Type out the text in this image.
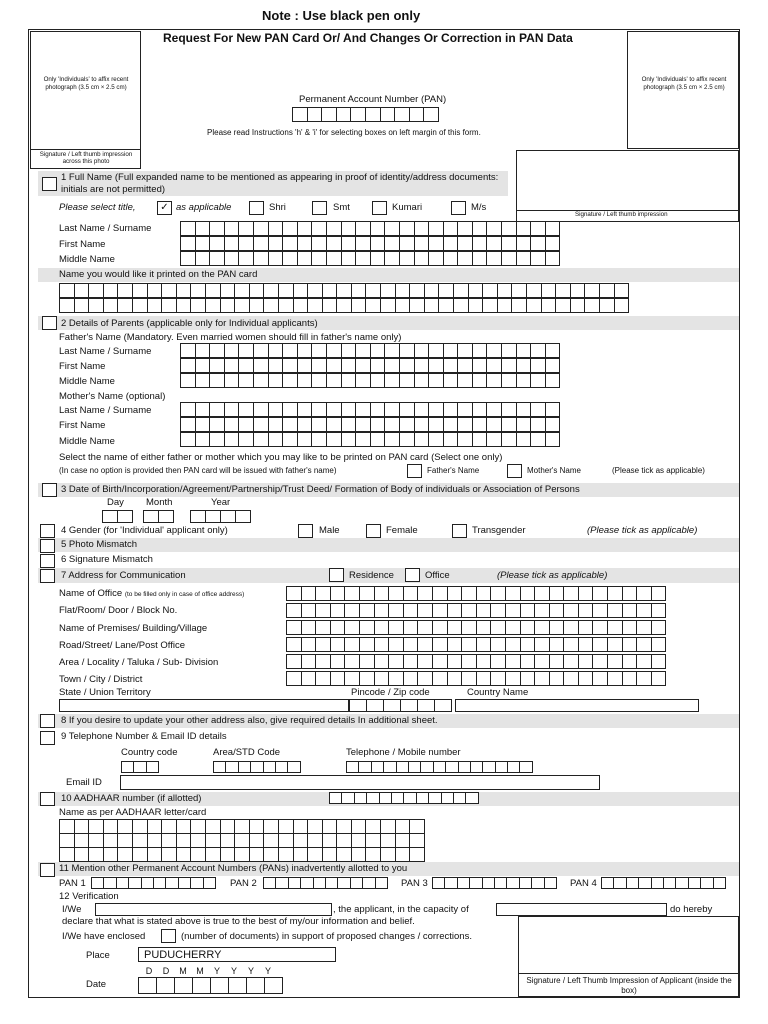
Note : Use black pen only
Only 'Individuals' to affix recent photograph (3.5 cm × 2.5 cm)
Signature / Left thumb impression across this photo
Only 'Individuals' to affix recent photograph (3.5 cm × 2.5 cm)
Signature / Left thumb impression
Request For New PAN Card Or/ And Changes Or Correction in PAN Data
Permanent Account Number (PAN)
Please read Instructions 'h' & 'i' for selecting boxes on left margin of this form.
1 Full Name (Full expanded name to be mentioned as appearing in proof of identity/address documents: initials are not permitted)
Please select title,	✓ as applicable	Shri	Smt	Kumari	M/s
Last Name / Surname
First Name
Middle Name
Name you would like it printed on the PAN card
2 Details of Parents (applicable only for Individual applicants)
Father's Name (Mandatory. Even married women should fill in father's name only)
Last Name / Surname
First Name
Middle Name
Mother's Name (optional)
Last Name / Surname
First Name
Middle Name
Select the name of either father or mother which you may like to be printed on PAN card (Select one only)
(In case no option is provided then PAN card will be issued with father's name)	Father's Name	Mother's Name	(Please tick as applicable)
3 Date of Birth/Incorporation/Agreement/Partnership/Trust Deed/ Formation of Body of individuals or Association of Persons
Day Month	Year
4 Gender (for 'Individual' applicant only)	Male	Female	Transgender	(Please tick as applicable)
5 Photo Mismatch
6 Signature Mismatch
7 Address for Communication	Residence	Office	(Please tick as applicable)
Name of Office (to be filled only in case of office address)
Flat/Room/ Door / Block No.
Name of Premises/ Building/Village
Road/Street/ Lane/Post Office
Area / Locality / Taluka / Sub- Division
Town / City / District
State / Union Territory	Pincode / Zip code	Country Name
8 If you desire to update your other address also, give required details In additional sheet.
9 Telephone Number & Email ID details
Country code	Area/STD Code	Telephone / Mobile number
Email ID
10 AADHAAR number (if allotted)
Name as per AADHAAR letter/card
11 Mention other Permanent Account Numbers (PANs) inadvertently allotted to you
PAN 1	PAN 2	PAN 3	PAN 4
12 Verification
I/We	, the applicant, in the capacity of	do hereby
declare that what is stated above is true to the best of my/our information and belief.
I/We have enclosed	(number of documents) in support of proposed changes / corrections.
Place	PUDUCHERRY
D	D	M	M	Y	Y	Y	Y
Date	Signature / Left Thumb Impression of Applicant (inside the box)
